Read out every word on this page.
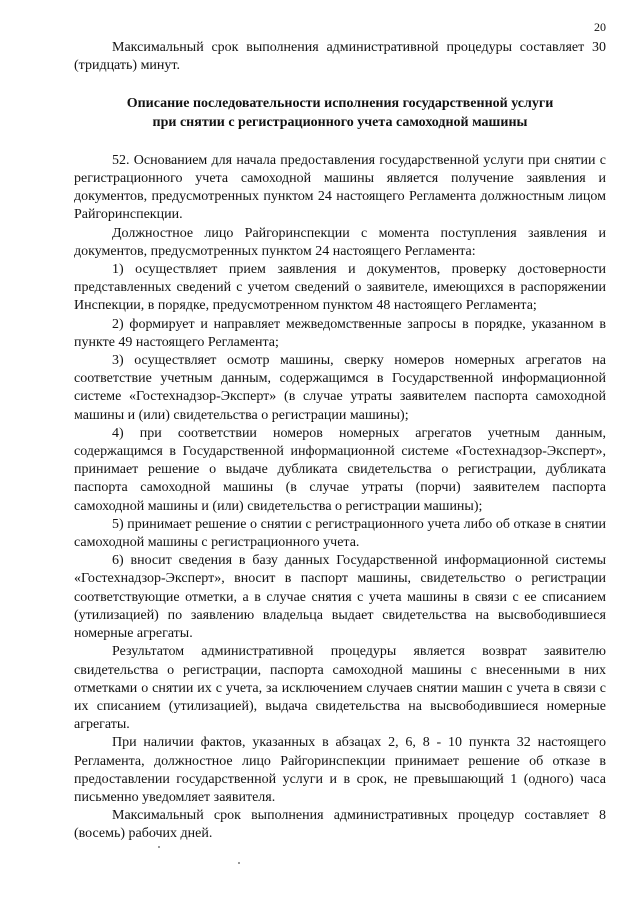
20

Максимальный срок выполнения административной процедуры составляет 30 (тридцать) минут.

Описание последовательности исполнения государственной услуги
при снятии с регистрационного учета самоходной машины

52. Основанием для начала предоставления государственной услуги при снятии с регистрационного учета самоходной машины является получение заявления и документов, предусмотренных пунктом 24 настоящего Регламента должностным лицом Райгоринспекции.

Должностное лицо Райгоринспекции с момента поступления заявления и документов, предусмотренных пунктом 24 настоящего Регламента:

1) осуществляет прием заявления и документов, проверку достоверности представленных сведений с учетом сведений о заявителе, имеющихся в распоряжении Инспекции, в порядке, предусмотренном пунктом 48 настоящего Регламента;

2) формирует и направляет межведомственные запросы в порядке, указанном в пункте 49 настоящего Регламента;

3) осуществляет осмотр машины, сверку номеров номерных агрегатов на соответствие учетным данным, содержащимся в Государственной информационной системе «Гостехнадзор-Эксперт» (в случае утраты заявителем паспорта самоходной машины и (или) свидетельства о регистрации машины);

4) при соответствии номеров номерных агрегатов учетным данным, содержащимся в Государственной информационной системе «Гостехнадзор-Эксперт», принимает решение о выдаче дубликата свидетельства о регистрации, дубликата паспорта самоходной машины (в случае утраты (порчи) заявителем паспорта самоходной машины и (или) свидетельства о регистрации машины);

5) принимает решение о снятии с регистрационного учета либо об отказе в снятии самоходной машины с регистрационного учета.

6) вносит сведения в базу данных Государственной информационной системы «Гостехнадзор-Эксперт», вносит в паспорт машины, свидетельство о регистрации соответствующие отметки, а в случае снятия с учета машины в связи с ее списанием (утилизацией) по заявлению владельца выдает свидетельства на высвободившиеся номерные агрегаты.

Результатом административной процедуры является возврат заявителю свидетельства о регистрации, паспорта самоходной машины с внесенными в них отметками о снятии их с учета, за исключением случаев снятии машин с учета в связи с их списанием (утилизацией), выдача свидетельства на высвободившиеся номерные агрегаты.

При наличии фактов, указанных в абзацах 2, 6, 8 - 10 пункта 32 настоящего Регламента, должностное лицо Райгоринспекции принимает решение об отказе в предоставлении государственной услуги и в срок, не превышающий 1 (одного) часа письменно уведомляет заявителя.

Максимальный срок выполнения административных процедур составляет 8 (восемь) рабочих дней.
